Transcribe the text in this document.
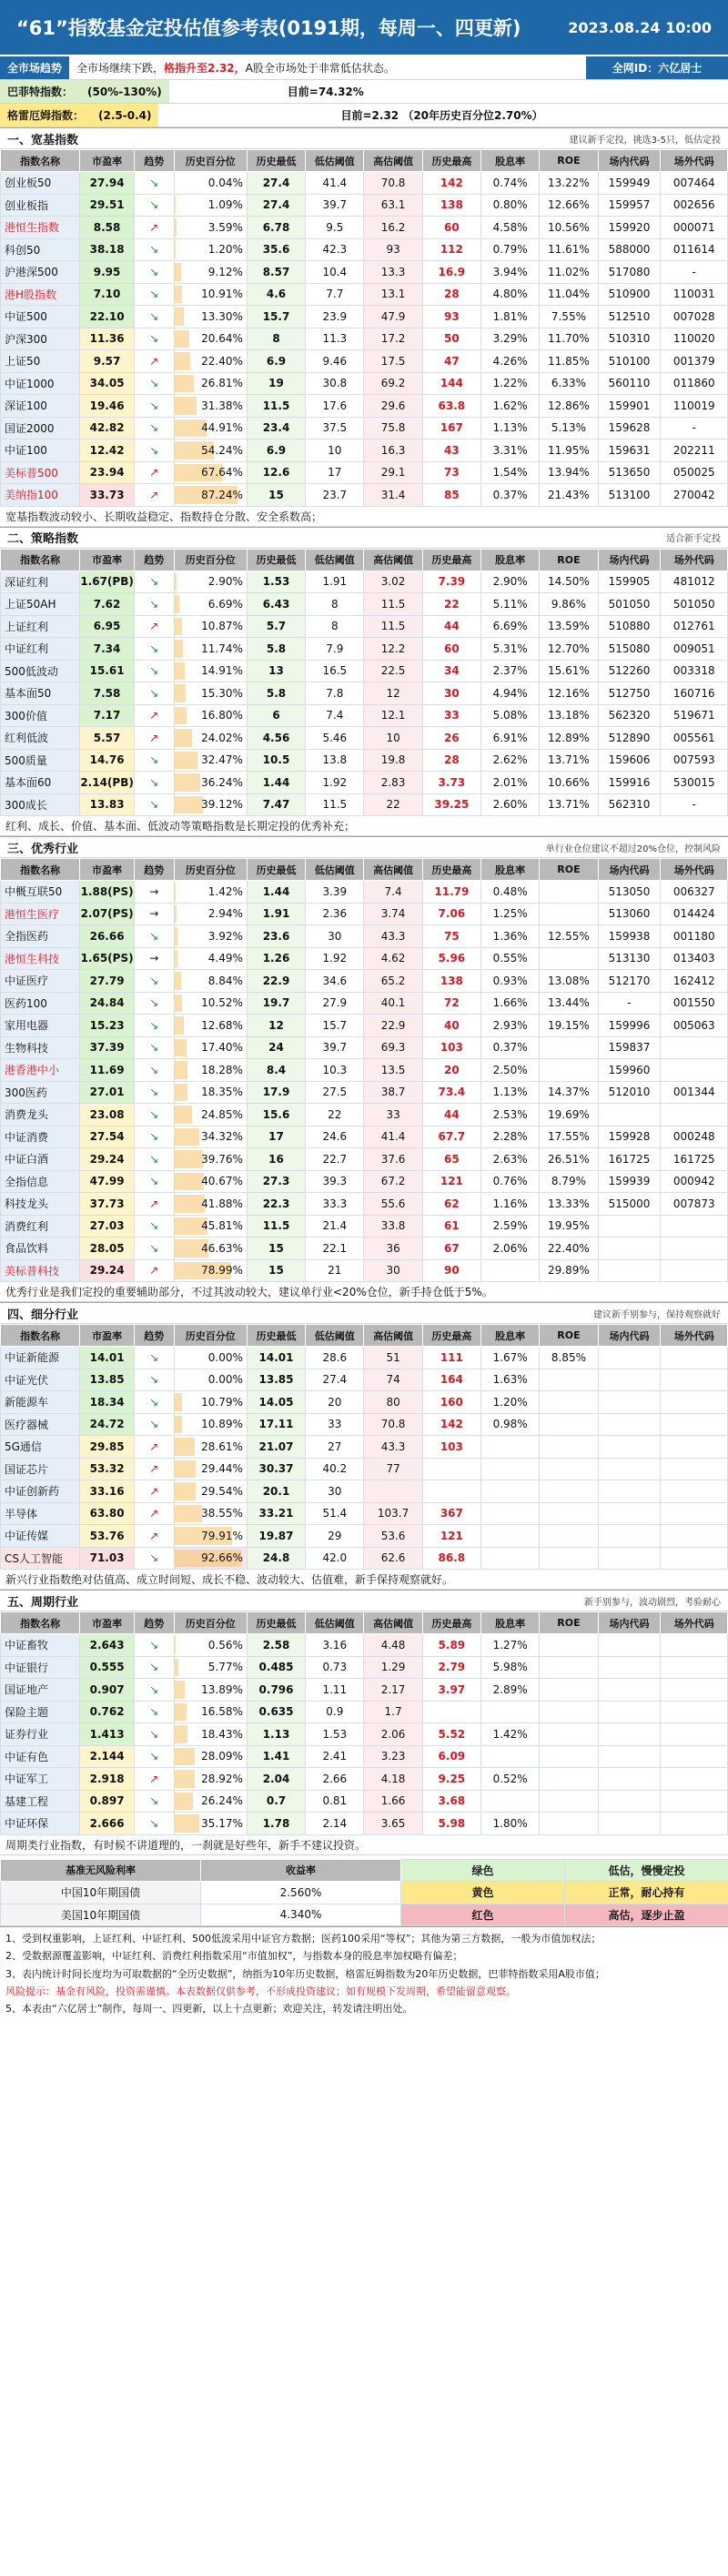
“61”指数基金定投估值参考表(0191期，每周一、四更新)	2023.08.24 10:00
全市场趋势	全市场继续下跌， 格指升至2.32， A股全市场处于非常低估状态。	全网ID：六亿居士
巴菲特指数：	(50%-130%)	目前=74.32%
格雷厄姆指数：	(2.5-0.4)	目前=2.32 （20年历史百分位2.70%）
一、宽基指数	建议新手定投，挑选3-5只，低估定投
指数名称	市盈率	趋势	历史百分位	历史最低	低估阈值	高估阈值	历史最高	股息率	ROE	场内代码	场外代码
创业板50	27.94	↘	0.04%	27.4	41.4	70.8	142	0.74%	13.22%	159949	007464
创业板指	29.51	↘	1.09%	27.4	39.7	63.1	138	0.80%	12.66%	159957	002656
港恒生指数	8.58	↗	3.59%	6.78	9.5	16.2	60	4.58%	10.56%	159920	000071
科创50	38.18	↘	1.20%	35.6	42.3	93	112	0.79%	11.61%	588000	011614
沪港深500	9.95	↘	9.12%	8.57	10.4	13.3	16.9	3.94%	11.02%	517080	-
港H股指数	7.10	↘	10.91%	4.6	7.7	13.1	28	4.80%	11.04%	510900	110031
中证500	22.10	↘	13.30%	15.7	23.9	47.9	93	1.81%	7.55%	512510	007028
沪深300	11.36	↘	20.64%	8	11.3	17.2	50	3.29%	11.70%	510310	110020
上证50	9.57	↗	22.40%	6.9	9.46	17.5	47	4.26%	11.85%	510100	001379
中证1000	34.05	↘	26.81%	19	30.8	69.2	144	1.22%	6.33%	560110	011860
深证100	19.46	↘	31.38%	11.5	17.6	29.6	63.8	1.62%	12.86%	159901	110019
国证2000	42.82	↘	44.91%	23.4	37.5	75.8	167	1.13%	5.13%	159628	-
中证100	12.42	↘	54.24%	6.9	10	16.3	43	3.31%	11.95%	159631	202211
美标普500	23.94	↗	67.64%	12.6	17	29.1	73	1.54%	13.94%	513650	050025
美纳指100	33.73	↗	87.24%	15	23.7	31.4	85	0.37%	21.43%	513100	270042
宽基指数波动较小、长期收益稳定、指数持仓分散、安全系数高；
二、策略指数	适合新手定投
指数名称	市盈率	趋势	历史百分位	历史最低	低估阈值	高估阈值	历史最高	股息率	ROE	场内代码	场外代码
深证红利	1.67(PB)	↘	2.90%	1.53	1.91	3.02	7.39	2.90%	14.50%	159905	481012
上证50AH	7.62	↘	6.69%	6.43	8	11.5	22	5.11%	9.86%	501050	501050
上证红利	6.95	↗	10.87%	5.7	8	11.5	44	6.69%	13.59%	510880	012761
中证红利	7.34	↘	11.74%	5.8	7.9	12.2	60	5.31%	12.70%	515080	009051
500低波动	15.61	↘	14.91%	13	16.5	22.5	34	2.37%	15.61%	512260	003318
基本面50	7.58	↘	15.30%	5.8	7.8	12	30	4.94%	12.16%	512750	160716
300价值	7.17	↗	16.80%	6	7.4	12.1	33	5.08%	13.18%	562320	519671
红利低波	5.57	↗	24.02%	4.56	5.46	10	26	6.91%	12.89%	512890	005561
500质量	14.76	↘	32.47%	10.5	13.8	19.8	28	2.62%	13.71%	159606	007593
基本面60	2.14(PB)	↘	36.24%	1.44	1.92	2.83	3.73	2.01%	10.66%	159916	530015
300成长	13.83	↘	39.12%	7.47	11.5	22	39.25	2.60%	13.71%	562310	-
红利、成长、价值、基本面、低波动等策略指数是长期定投的优秀补充；
三、优秀行业	单行业仓位建议不超过20%仓位，控制风险
指数名称	市盈率	趋势	历史百分位	历史最低	低估阈值	高估阈值	历史最高	股息率	ROE	场内代码	场外代码
中概互联50	1.88(PS)	→	1.42%	1.44	3.39	7.4	11.79	0.48%		513050	006327
港恒生医疗	2.07(PS)	→	2.94%	1.91	2.36	3.74	7.06	1.25%		513060	014424
全指医药	26.66	↘	3.92%	23.6	30	43.3	75	1.36%	12.55%	159938	001180
港恒生科技	1.65(PS)	→	4.49%	1.26	1.92	4.62	5.96	0.55%		513130	013403
中证医疗	27.79	↘	8.84%	22.9	34.6	65.2	138	0.93%	13.08%	512170	162412
医药100	24.84	↘	10.52%	19.7	27.9	40.1	72	1.66%	13.44%	-	001550
家用电器	15.23	↘	12.68%	12	15.7	22.9	40	2.93%	19.15%	159996	005063
生物科技	37.39	↘	17.40%	24	39.7	69.3	103	0.37%		159837	
港香港中小	11.69	↘	18.28%	8.4	10.3	13.5	20	2.50%		159960	
300医药	27.01	↘	18.35%	17.9	27.5	38.7	73.4	1.13%	14.37%	512010	001344
消费龙头	23.08	↘	24.85%	15.6	22	33	44	2.53%	19.69%		
中证消费	27.54	↘	34.32%	17	24.6	41.4	67.7	2.28%	17.55%	159928	000248
中证白酒	29.24	↘	39.76%	16	22.7	37.6	65	2.63%	26.51%	161725	161725
全指信息	47.99	↘	40.67%	27.3	39.3	67.2	121	0.76%	8.79%	159939	000942
科技龙头	37.73	↗	41.88%	22.3	33.3	55.6	62	1.16%	13.33%	515000	007873
消费红利	27.03	↘	45.81%	11.5	21.4	33.8	61	2.59%	19.95%		
食品饮料	28.05	↘	46.63%	15	22.1	36	67	2.06%	22.40%		
美标普科技	29.24	↗	78.99%	15	21	30	90		29.89%		
优秀行业是我们定投的重要辅助部分，不过其波动较大，建议单行业<20%仓位，新手持仓低于5%。
四、细分行业	建议新手别参与，保持观察就好
指数名称	市盈率	趋势	历史百分位	历史最低	低估阈值	高估阈值	历史最高	股息率	ROE	场内代码	场外代码
中证新能源	14.01	↘	0.00%	14.01	28.6	51	111	1.67%	8.85%		
中证光伏	13.85	↘	0.00%	13.85	27.4	74	164	1.63%			
新能源车	18.34	↘	10.79%	14.05	20	80	160	1.20%			
医疗器械	24.72	↘	10.89%	17.11	33	70.8	142	0.98%			
5G通信	29.85	↗	28.61%	21.07	27	43.3	103				
国证芯片	53.32	↗	29.44%	30.37	40.2	77					
中证创新药	33.16	↗	29.54%	20.1	30						
半导体	63.80	↗	38.55%	33.21	51.4	103.7	367				
中证传媒	53.76	↗	79.91%	19.87	29	53.6	121				
CS人工智能	71.03	↘	92.66%	24.8	42.0	62.6	86.8				
新兴行业指数绝对估值高、成立时间短、成长不稳、波动较大、估值难，新手保持观察就好。
五、周期行业	新手别参与，波动剧烈，考验耐心
指数名称	市盈率	趋势	历史百分位	历史最低	低估阈值	高估阈值	历史最高	股息率	ROE	场内代码	场外代码
中证畜牧	2.643	↘	0.56%	2.58	3.16	4.48	5.89	1.27%			
中证银行	0.555	↘	5.77%	0.485	0.73	1.29	2.79	5.98%			
国证地产	0.907	↘	13.89%	0.796	1.11	2.17	3.97	2.89%			
保险主题	0.762	↘	16.58%	0.635	0.9	1.7					
证券行业	1.413	↘	18.43%	1.13	1.53	2.06	5.52	1.42%			
中证有色	2.144	↘	28.09%	1.41	2.41	3.23	6.09				
中证军工	2.918	↗	28.92%	2.04	2.66	4.18	9.25	0.52%			
基建工程	0.897	↘	26.24%	0.7	0.81	1.66	3.68				
中证环保	2.666	↘	35.17%	1.78	2.14	3.65	5.98	1.80%			
周期类行业指数，有时候不讲道理的，一刹就是好些年，新手不建议投资。
基准无风险利率	收益率	绿色	低估，慢慢定投
中国10年期国债	2.560%	黄色	正常，耐心持有
美国10年期国债	4.340%	红色	高估，逐步止盈
1、受到权重影响，上证红利、中证红利、500低波采用中证官方数据；医药100采用“等权”；其他为第三方数据，一般为市值加权法；
2、受数据源覆盖影响，中证红利、消费红利指数采用“市值加权”，与指数本身的股息率加权略有偏差；
3、表内统计时间长度均为可取数据的“全历史数据”，纳指为10年历史数据，格雷厄姆指数为20年历史数据，巴菲特指数采用A股市值；
风险提示：基金有风险，投资需谨慎。本表数据仅供参考，不形成投资建议；如有规模下发周期，希望能留意观察。
5、本表由“六亿居士”制作，每周一、四更新，以上十点更新；欢迎关注，转发请注明出处。
